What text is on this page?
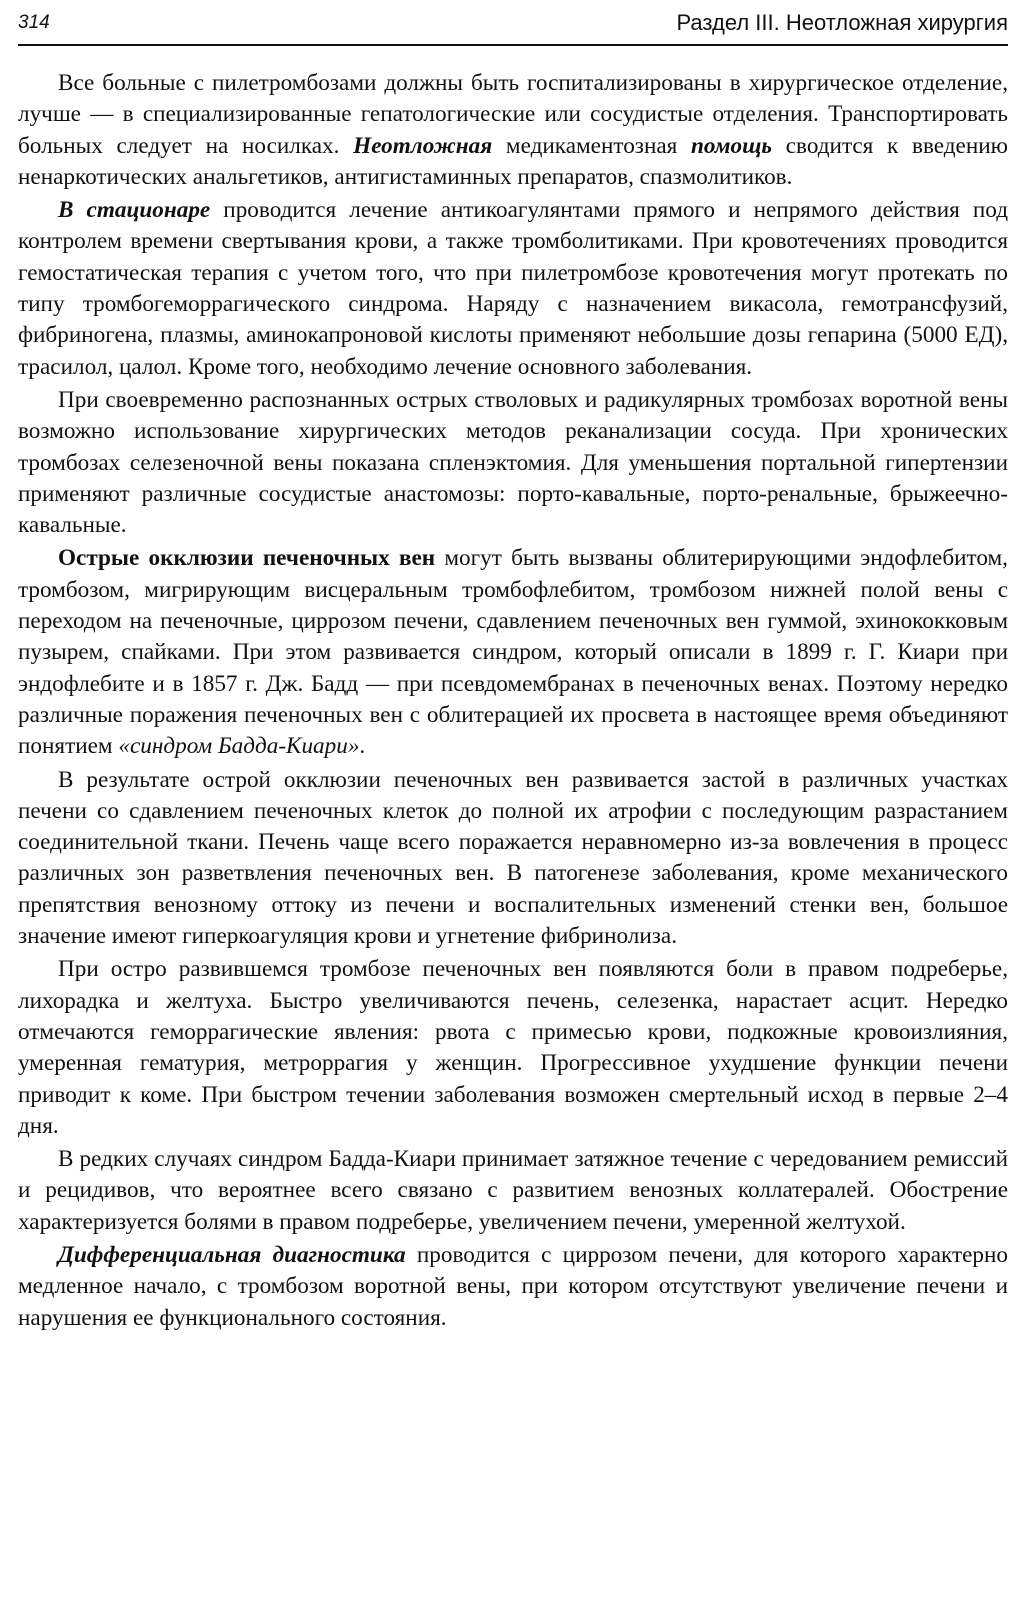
314	Раздел III. Неотложная хирургия

Все больные с пилетромбозами должны быть госпитализированы в хирургическое отделение, лучше — в специализированные гепатологические или сосудистые отделения. Транспортировать больных следует на носилках. Неотложная медикаментозная помощь сводится к введению ненаркотических анальгетиков, антигистаминных препаратов, спазмолитиков.

В стационаре проводится лечение антикоагулянтами прямого и непрямого действия под контролем времени свертывания крови, а также тромболитиками. При кровотечениях проводится гемостатическая терапия с учетом того, что при пилетромбозе кровотечения могут протекать по типу тромбогеморрагического синдрома. Наряду с назначением викасола, гемотрансфузий, фибриногена, плазмы, аминокапроновой кислоты применяют небольшие дозы гепарина (5000 ЕД), трасилол, цалол. Кроме того, необходимо лечение основного заболевания.

При своевременно распознанных острых стволовых и радикулярных тромбозах воротной вены возможно использование хирургических методов реканализации сосуда. При хронических тромбозах селезеночной вены показана спленэктомия. Для уменьшения портальной гипертензии применяют различные сосудистые анастомозы: порто-кавальные, порто-ренальные, брыжеечно-кавальные.

Острые окклюзии печеночных вен могут быть вызваны облитерирующими эндофлебитом, тромбозом, мигрирующим висцеральным тромбофлебитом, тромбозом нижней полой вены с переходом на печеночные, циррозом печени, сдавлением печеночных вен гуммой, эхинококковым пузырем, спайками. При этом развивается синдром, который описали в 1899 г. Г. Киари при эндофлебите и в 1857 г. Дж. Бадд — при псевдомембранах в печеночных венах. Поэтому нередко различные поражения печеночных вен с облитерацией их просвета в настоящее время объединяют понятием «синдром Бадда-Киари».

В результате острой окклюзии печеночных вен развивается застой в различных участках печени со сдавлением печеночных клеток до полной их атрофии с последующим разрастанием соединительной ткани. Печень чаще всего поражается неравномерно из-за вовлечения в процесс различных зон разветвления печеночных вен. В патогенезе заболевания, кроме механического препятствия венозному оттоку из печени и воспалительных изменений стенки вен, большое значение имеют гиперкоагуляция крови и угнетение фибринолиза.

При остро развившемся тромбозе печеночных вен появляются боли в правом подреберье, лихорадка и желтуха. Быстро увеличиваются печень, селезенка, нарастает асцит. Нередко отмечаются геморрагические явления: рвота с примесью крови, подкожные кровоизлияния, умеренная гематурия, метроррагия у женщин. Прогрессивное ухудшение функции печени приводит к коме. При быстром течении заболевания возможен смертельный исход в первые 2–4 дня.

В редких случаях синдром Бадда-Киари принимает затяжное течение с чередованием ремиссий и рецидивов, что вероятнее всего связано с развитием венозных коллатералей. Обострение характеризуется болями в правом подреберье, увеличением печени, умеренной желтухой.

Дифференциальная диагностика проводится с циррозом печени, для которого характерно медленное начало, с тромбозом воротной вены, при котором отсутствуют увеличение печени и нарушения ее функционального состояния.
